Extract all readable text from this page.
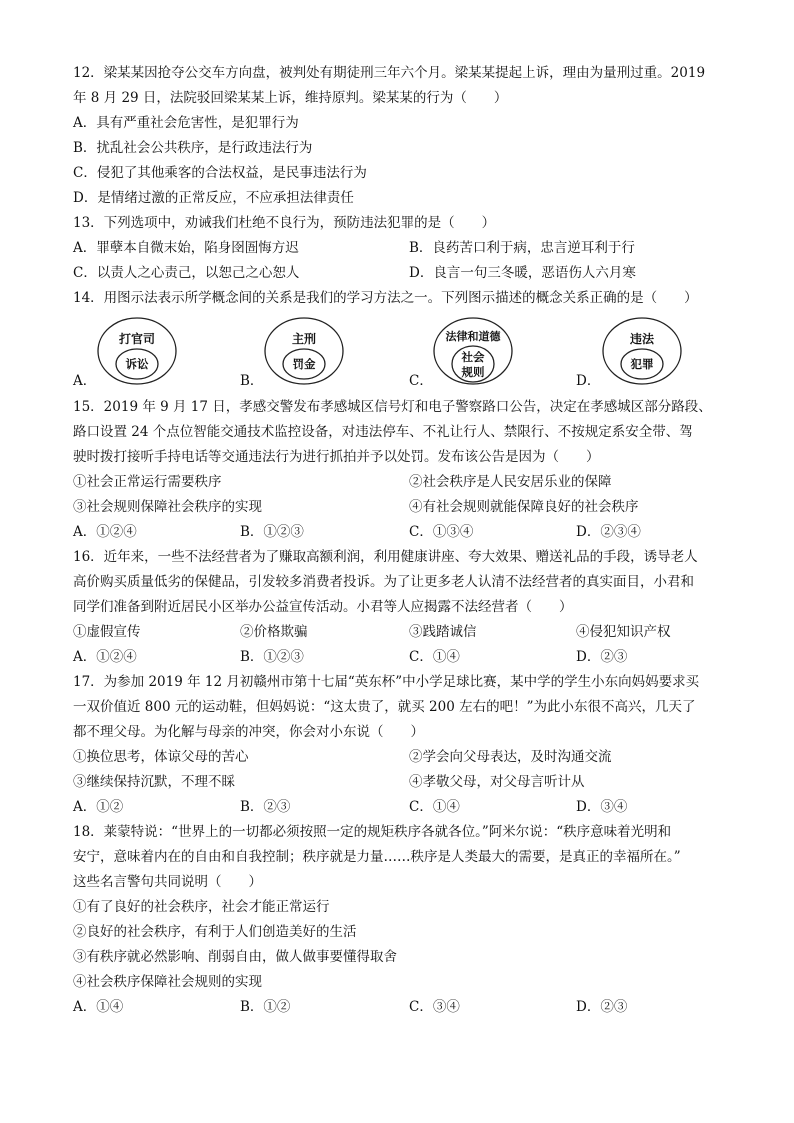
12．梁某某因抢夺公交车方向盘，被判处有期徒刑三年六个月。梁某某提起上诉，理由为量刑过重。2019
年 8 月 29 日，法院驳回梁某某上诉，维持原判。梁某某的行为（　　）
A．具有严重社会危害性，是犯罪行为
B．扰乱社会公共秩序，是行政违法行为
C．侵犯了其他乘客的合法权益，是民事违法行为
D．是情绪过激的正常反应，不应承担法律责任
13．下列选项中，劝诫我们杜绝不良行为，预防违法犯罪的是（　　）
A．罪孽本自微末始，陷身囹圄悔方迟	B．良药苦口利于病，忠言逆耳利于行
C．以责人之心责己，以恕己之心恕人	D．良言一句三冬暖，恶语伤人六月寒
14．用图示法表示所学概念间的关系是我们的学习方法之一。下列图示描述的概念关系正确的是（　　）
A．
打官司
诉讼
B．
主刑
罚金
C．
法律和道德
社会
规则
D．
违法
犯罪
15．2019 年 9 月 17 日，孝感交警发布孝感城区信号灯和电子警察路口公告，决定在孝感城区部分路段、
路口设置 24 个点位智能交通技术监控设备，对违法停车、不礼让行人、禁限行、不按规定系安全带、驾
驶时拨打接听手持电话等交通违法行为进行抓拍并予以处罚。发布该公告是因为（　　）
①社会正常运行需要秩序	②社会秩序是人民安居乐业的保障
③社会规则保障社会秩序的实现	④有社会规则就能保障良好的社会秩序
A．①②④	B．①②③	C．①③④	D．②③④
16．近年来，一些不法经营者为了赚取高额利润，利用健康讲座、夸大效果、赠送礼品的手段，诱导老人
高价购买质量低劣的保健品，引发较多消费者投诉。为了让更多老人认清不法经营者的真实面目，小君和
同学们准备到附近居民小区举办公益宣传活动。小君等人应揭露不法经营者（　　）
①虚假宣传	②价格欺骗	③践踏诚信	④侵犯知识产权
A．①②④	B．①②③	C．①④	D．②③
17．为参加 2019 年 12 月初赣州市第十七届“英东杯”中小学足球比赛，某中学的学生小东向妈妈要求买
一双价值近 800 元的运动鞋，但妈妈说：“这太贵了，就买 200 左右的吧！”为此小东很不高兴，几天了
都不理父母。为化解与母亲的冲突，你会对小东说（　　）
①换位思考，体谅父母的苦心	②学会向父母表达，及时沟通交流
③继续保持沉默，不理不睬	④孝敬父母，对父母言听计从
A．①②	B．②③	C．①④	D．③④
18．莱蒙特说：“世界上的一切都必须按照一定的规矩秩序各就各位。”阿米尔说：“秩序意味着光明和
安宁，意味着内在的自由和自我控制；秩序就是力量……秩序是人类最大的需要，是真正的幸福所在。”
这些名言警句共同说明（　　）
①有了良好的社会秩序，社会才能正常运行
②良好的社会秩序，有利于人们创造美好的生活
③有秩序就必然影响、削弱自由，做人做事要懂得取舍
④社会秩序保障社会规则的实现
A．①④	B．①②	C．③④	D．②③
